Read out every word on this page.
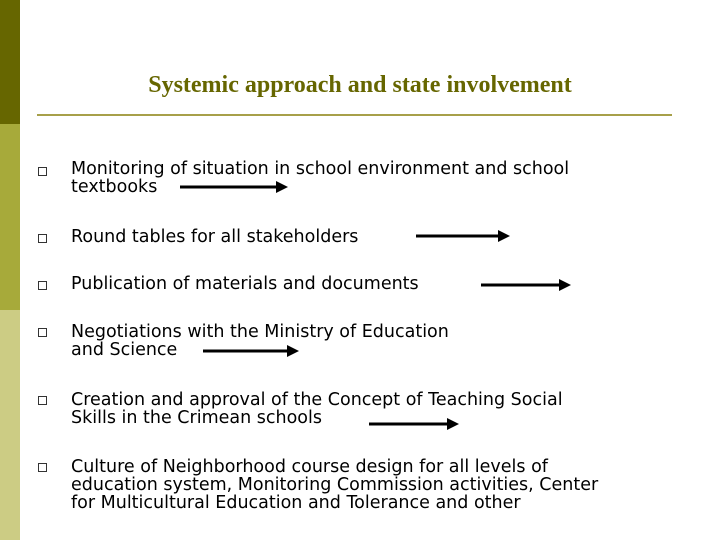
Systemic approach and state involvement
Monitoring of situation in school environment and school
textbooks
Round tables for all stakeholders
Publication of materials and documents
Negotiations with the Ministry of Education
and Science
Creation and approval of the Concept of Teaching Social
Skills in the Crimean schools
Culture of Neighborhood course design for all levels of
education system, Monitoring Commission activities, Center
for Multicultural Education and Tolerance and other
